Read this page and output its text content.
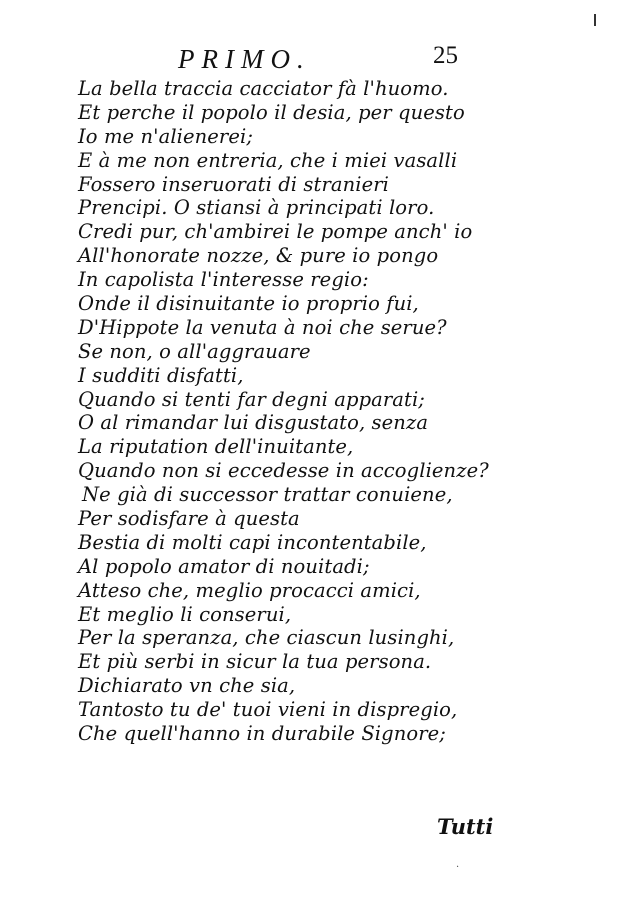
PRIMO.	25
La bella traccia cacciator fà l'huomo.
Et perche il popolo il desia, per questo
Io me n'alienerei;
E à me non entreria, che i miei vasalli
Fossero inseruorati di stranieri
Prencipi. O stiansi à principati loro.
Credi pur, ch'ambirei le pompe anch' io
All'honorate nozze, & pure io pongo
In capolista l'interesse regio:
Onde il disinuitante io proprio fui,
D'Hippote la venuta à noi che serue?
Se non, o all'aggrauare
I sudditi disfatti,
Quando si tenti far degni apparati;
O al rimandar lui disgustato, senza
La riputation dell'inuitante,
Quando non si eccedesse in accoglienze?
Ne già di successor trattar conuiene,
Per sodisfare à questa
Bestia di molti capi incontentabile,
Al popolo amator di nouitadi;
Atteso che, meglio procacci amici,
Et meglio li conserui,
Per la speranza, che ciascun lusinghi,
Et più serbi in sicur la tua persona.
Dichiarato vn che sia,
Tantosto tu de' tuoi vieni in dispregio,
Che quell'hanno in durabile Signore;
Tutti
·
